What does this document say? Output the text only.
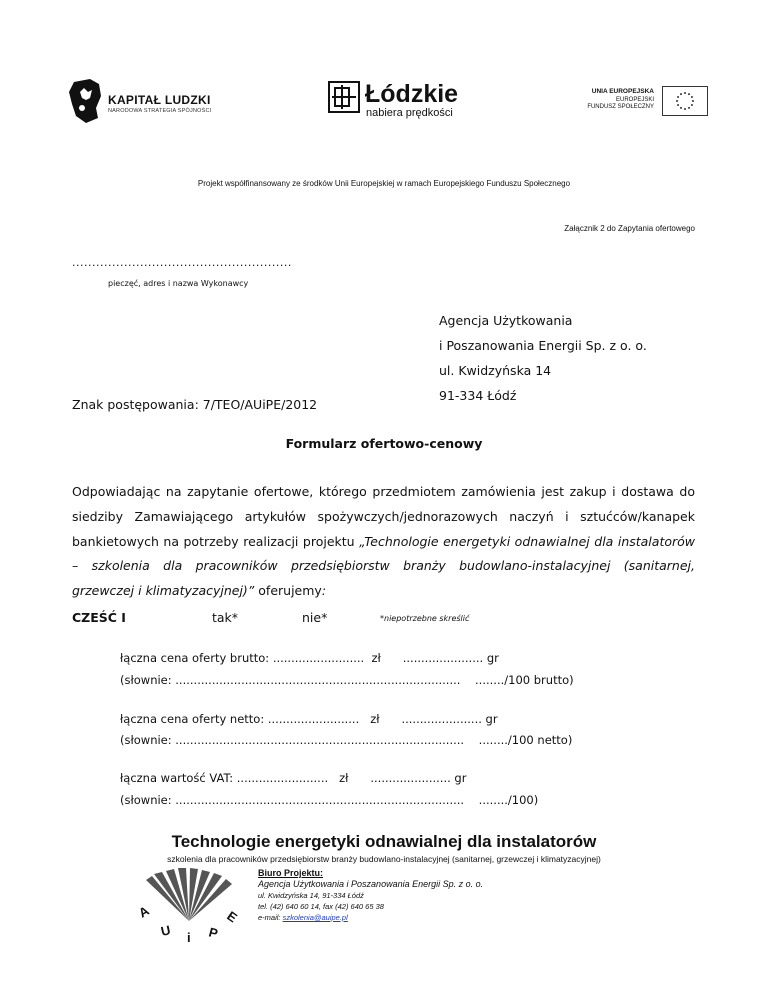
KAPITAŁ LUDZKI
NARODOWA STRATEGIA SPÓJNOŚCI
Łódzkie
nabiera prędkości
UNIA EUROPEJSKA
EUROPEJSKI
FUNDUSZ SPOŁECZNY
Projekt współfinansowany ze środków Unii Europejskiej w ramach Europejskiego Funduszu Społecznego
Załącznik 2 do Zapytania ofertowego
.......................................................
pieczęć, adres i nazwa Wykonawcy
Agencja Użytkowania
i Poszanowania Energii Sp. z o. o.
ul. Kwidzyńska 14
91-334 Łódź
Znak postępowania: 7/TEO/AUiPE/2012
Formularz ofertowo-cenowy
Odpowiadając na zapytanie ofertowe, którego przedmiotem zamówienia jest zakup i dostawa do siedziby Zamawiającego artykułów spożywczych/jednorazowych naczyń i sztućców/kanapek bankietowych na potrzeby realizacji projektu „Technologie energetyki odnawialnej dla instalatorów – szkolenia dla pracowników przedsiębiorstw branży budowlano-instalacyjnej (sanitarnej, grzewczej i klimatyzacyjnej)” oferujemy:
CZEŚĆ I	tak*	nie*	*niepotrzebne skreślić
łączna cena oferty brutto: .........................  zł      ...................... gr
(słownie: ..............................................................................    ......../100 brutto)
łączna cena oferty netto: .........................   zł      ...................... gr
(słownie: ...............................................................................    ......../100 netto)
łączna wartość VAT: .........................   zł      ...................... gr
(słownie: ...............................................................................    ......../100)
Technologie energetyki odnawialnej dla instalatorów
szkolenia dla pracowników przedsiębiorstw branży budowlano-instalacyjnej (sanitarnej, grzewczej i klimatyzacyjnej)
A
U i P
E
Biuro Projektu:
Agencja Użytkowania i Poszanowania Energii Sp. z o. o.
ul. Kwidzyńska 14, 91-334 Łódź
tel. (42) 640 60 14, fax (42) 640 65 38
e-mail: szkolenia@auipe.pl
